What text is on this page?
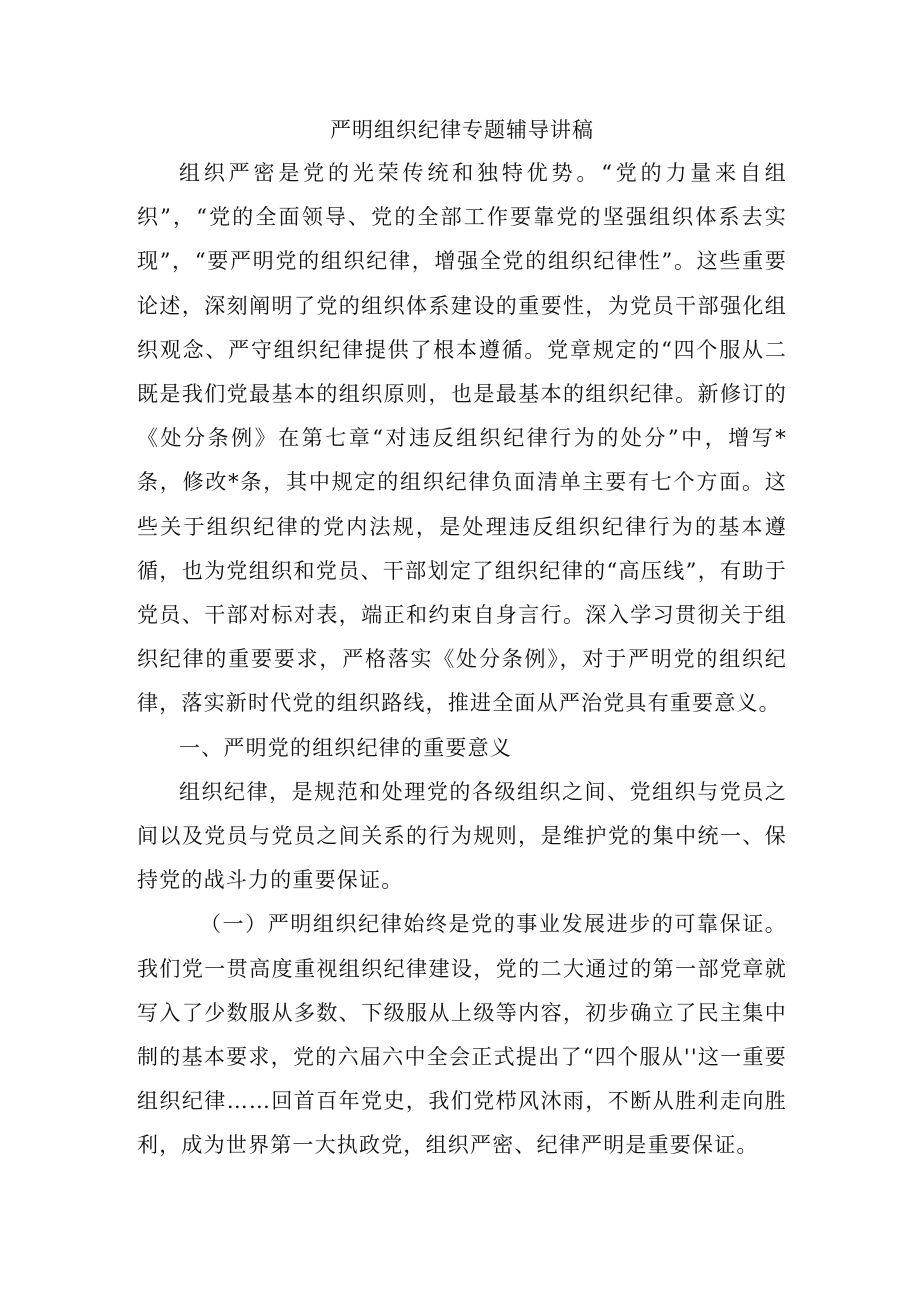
严明组织纪律专题辅导讲稿

组织严密是党的光荣传统和独特优势。“党的力量来自组织”，“党的全面领导、党的全部工作要靠党的坚强组织体系去实现”，“要严明党的组织纪律，增强全党的组织纪律性”。这些重要论述，深刻阐明了党的组织体系建设的重要性，为党员干部强化组织观念、严守组织纪律提供了根本遵循。党章规定的“四个服从二既是我们党最基本的组织原则，也是最基本的组织纪律。新修订的《处分条例》在第七章“对违反组织纪律行为的处分”中，增写*条，修改*条，其中规定的组织纪律负面清单主要有七个方面。这些关于组织纪律的党内法规，是处理违反组织纪律行为的基本遵循，也为党组织和党员、干部划定了组织纪律的“高压线”，有助于党员、干部对标对表，端正和约束自身言行。深入学习贯彻关于组织纪律的重要要求，严格落实《处分条例》，对于严明党的组织纪律，落实新时代党的组织路线，推进全面从严治党具有重要意义。

一、严明党的组织纪律的重要意义

组织纪律，是规范和处理党的各级组织之间、党组织与党员之间以及党员与党员之间关系的行为规则，是维护党的集中统一、保持党的战斗力的重要保证。

（一）严明组织纪律始终是党的事业发展进步的可靠保证。我们党一贯高度重视组织纪律建设，党的二大通过的第一部党章就写入了少数服从多数、下级服从上级等内容，初步确立了民主集中制的基本要求，党的六届六中全会正式提出了“四个服从''这一重要组织纪律……回首百年党史，我们党栉风沐雨，不断从胜利走向胜利，成为世界第一大执政党，组织严密、纪律严明是重要保证。
